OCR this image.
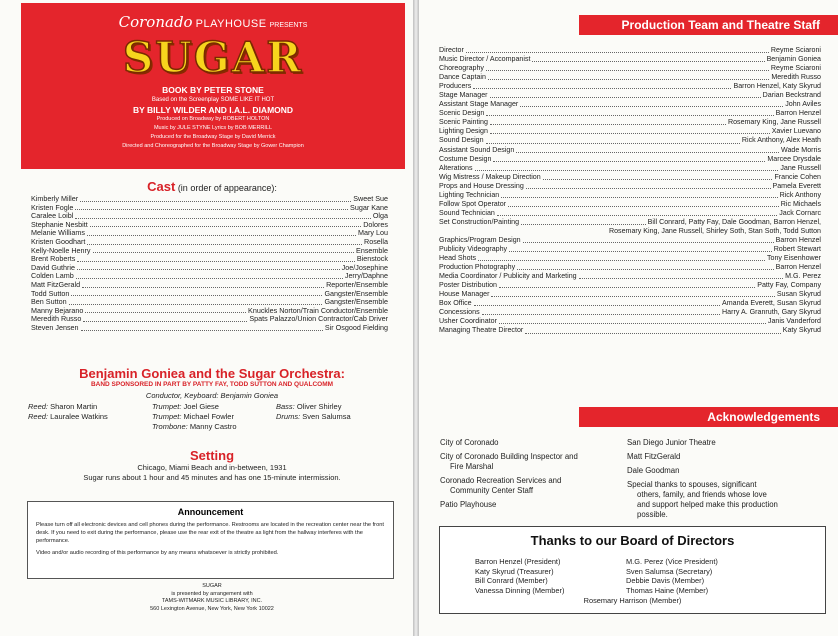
Coronado PLAYHOUSE PRESENTS
SUGAR
BOOK BY PETER STONE
Based on the Screenplay SOME LIKE IT HOT
BY BILLY WILDER AND I.A.L. DIAMOND
Produced on Broadway by ROBERT HOLTON
Music by JULE STYNE Lyrics by BOB MERRILL
Produced for the Broadway Stage by David Merrick
Directed and Choreographed for the Broadway Stage by Gower Champion
Cast (in order of appearance):
Kimberly Miller	Sweet Sue
Kristen Fogle	Sugar Kane
Caralee Loibl	Olga
Stephanie Nesbitt	Dolores
Melanie Williams	Mary Lou
Kristen Goodhart	Rosella
Kelly-Noelle Henry	Ensemble
Brent Roberts	Bienstock
David Guthrie	Joe/Josephine
Colden Lamb	Jerry/Daphne
Matt FitzGerald	Reporter/Ensemble
Todd Sutton	Gangster/Ensemble
Ben Sutton	Gangster/Ensemble
Manny Bejarano	Knuckles Norton/Train Conductor/Ensemble
Meredith Russo	Spats Palazzo/Union Contractor/Cab Driver
Steven Jensen	Sir Osgood Fielding
Benjamin Goniea and the Sugar Orchestra:
BAND SPONSORED IN PART BY PATTY FAY, TODD SUTTON AND QUALCOMM
Conductor, Keyboard: Benjamin Goniea
Reed: Sharon Martin
Reed: Lauralee Watkins
Trumpet: Joel Giese
Trumpet: Michael Fowler
Trombone: Manny Castro
Bass: Oliver Shirley
Drums: Sven Salumsa
Setting
Chicago, Miami Beach and in-between, 1931
Sugar runs about 1 hour and 45 minutes and has one 15-minute intermission.
Announcement

Please turn off all electronic devices and cell phones during the performance. Restrooms are located in the recreation center near the front desk. If you need to exit during the performance, please use the rear exit of the theatre as light from the hallway interferes with the performance.

Video and/or audio recording of this performance by any means whatsoever is strictly prohibited.

SUGAR
is presented by arrangement with
TAMS-WITMARK MUSIC LIBRARY, INC.
560 Lexington Avenue, New York, New York 10022
Production Team and Theatre Staff
Director	Reyme Sciaroni
Music Director / Accompanist	Benjamin Goniea
Choreography	Reyme Sciaroni
Dance Captain	Meredith Russo
Producers	Barron Henzel, Katy Skyrud
Stage Manager	Darian Beckstrand
Assistant Stage Manager	John Aviles
Scenic Design	Barron Henzel
Scenic Painting	Rosemary King, Jane Russell
Lighting Design	Xavier Luevano
Sound Design	Rick Anthony, Alex Heath
Assistant Sound Design	Wade Morris
Costume Design	Marcee Drysdale
Alterations	Jane Russell
Wig Mistress / Makeup Direction	Francie Cohen
Props and House Dressing	Pamela Everett
Lighting Technician	Rick Anthony
Follow Spot Operator	Ric Michaels
Sound Technician	Jack Cornarc
Set Construction/Painting	Bill Conrard, Patty Fay, Dale Goodman, Barron Henzel,
Rosemary King, Jane Russell, Shirley Soth, Stan Soth, Todd Sutton
Graphics/Program Design	Barron Henzel
Publicity Videography	Robert Stewart
Head Shots	Tony Eisenhower
Production Photography	Barron Henzel
Media Coordinator / Publicity and Marketing	M.G. Perez
Poster Distribution	Patty Fay, Company
House Manager	Susan Skyrud
Box Office	Amanda Everett, Susan Skyrud
Concessions	Harry A. Granruth, Gary Skyrud
Usher Coordinator	Janis Vanderford
Managing Theatre Director	Katy Skyrud
Acknowledgements
City of Coronado
City of Coronado Building Inspector and
Fire Marshal
Coronado Recreation Services and
Community Center Staff
Patio Playhouse
San Diego Junior Theatre
Matt FitzGerald
Dale Goodman
Special thanks to spouses, significant
others, family, and friends whose love
and support helped make this production
possible.
Thanks to our Board of Directors
Barron Henzel (President)
Katy Skyrud (Treasurer)
Bill Conrard (Member)
Vanessa Dinning (Member)
M.G. Perez (Vice President)
Sven Salumsa (Secretary)
Debbie Davis (Member)
Thomas Haine (Member)
Rosemary Harrison (Member)
